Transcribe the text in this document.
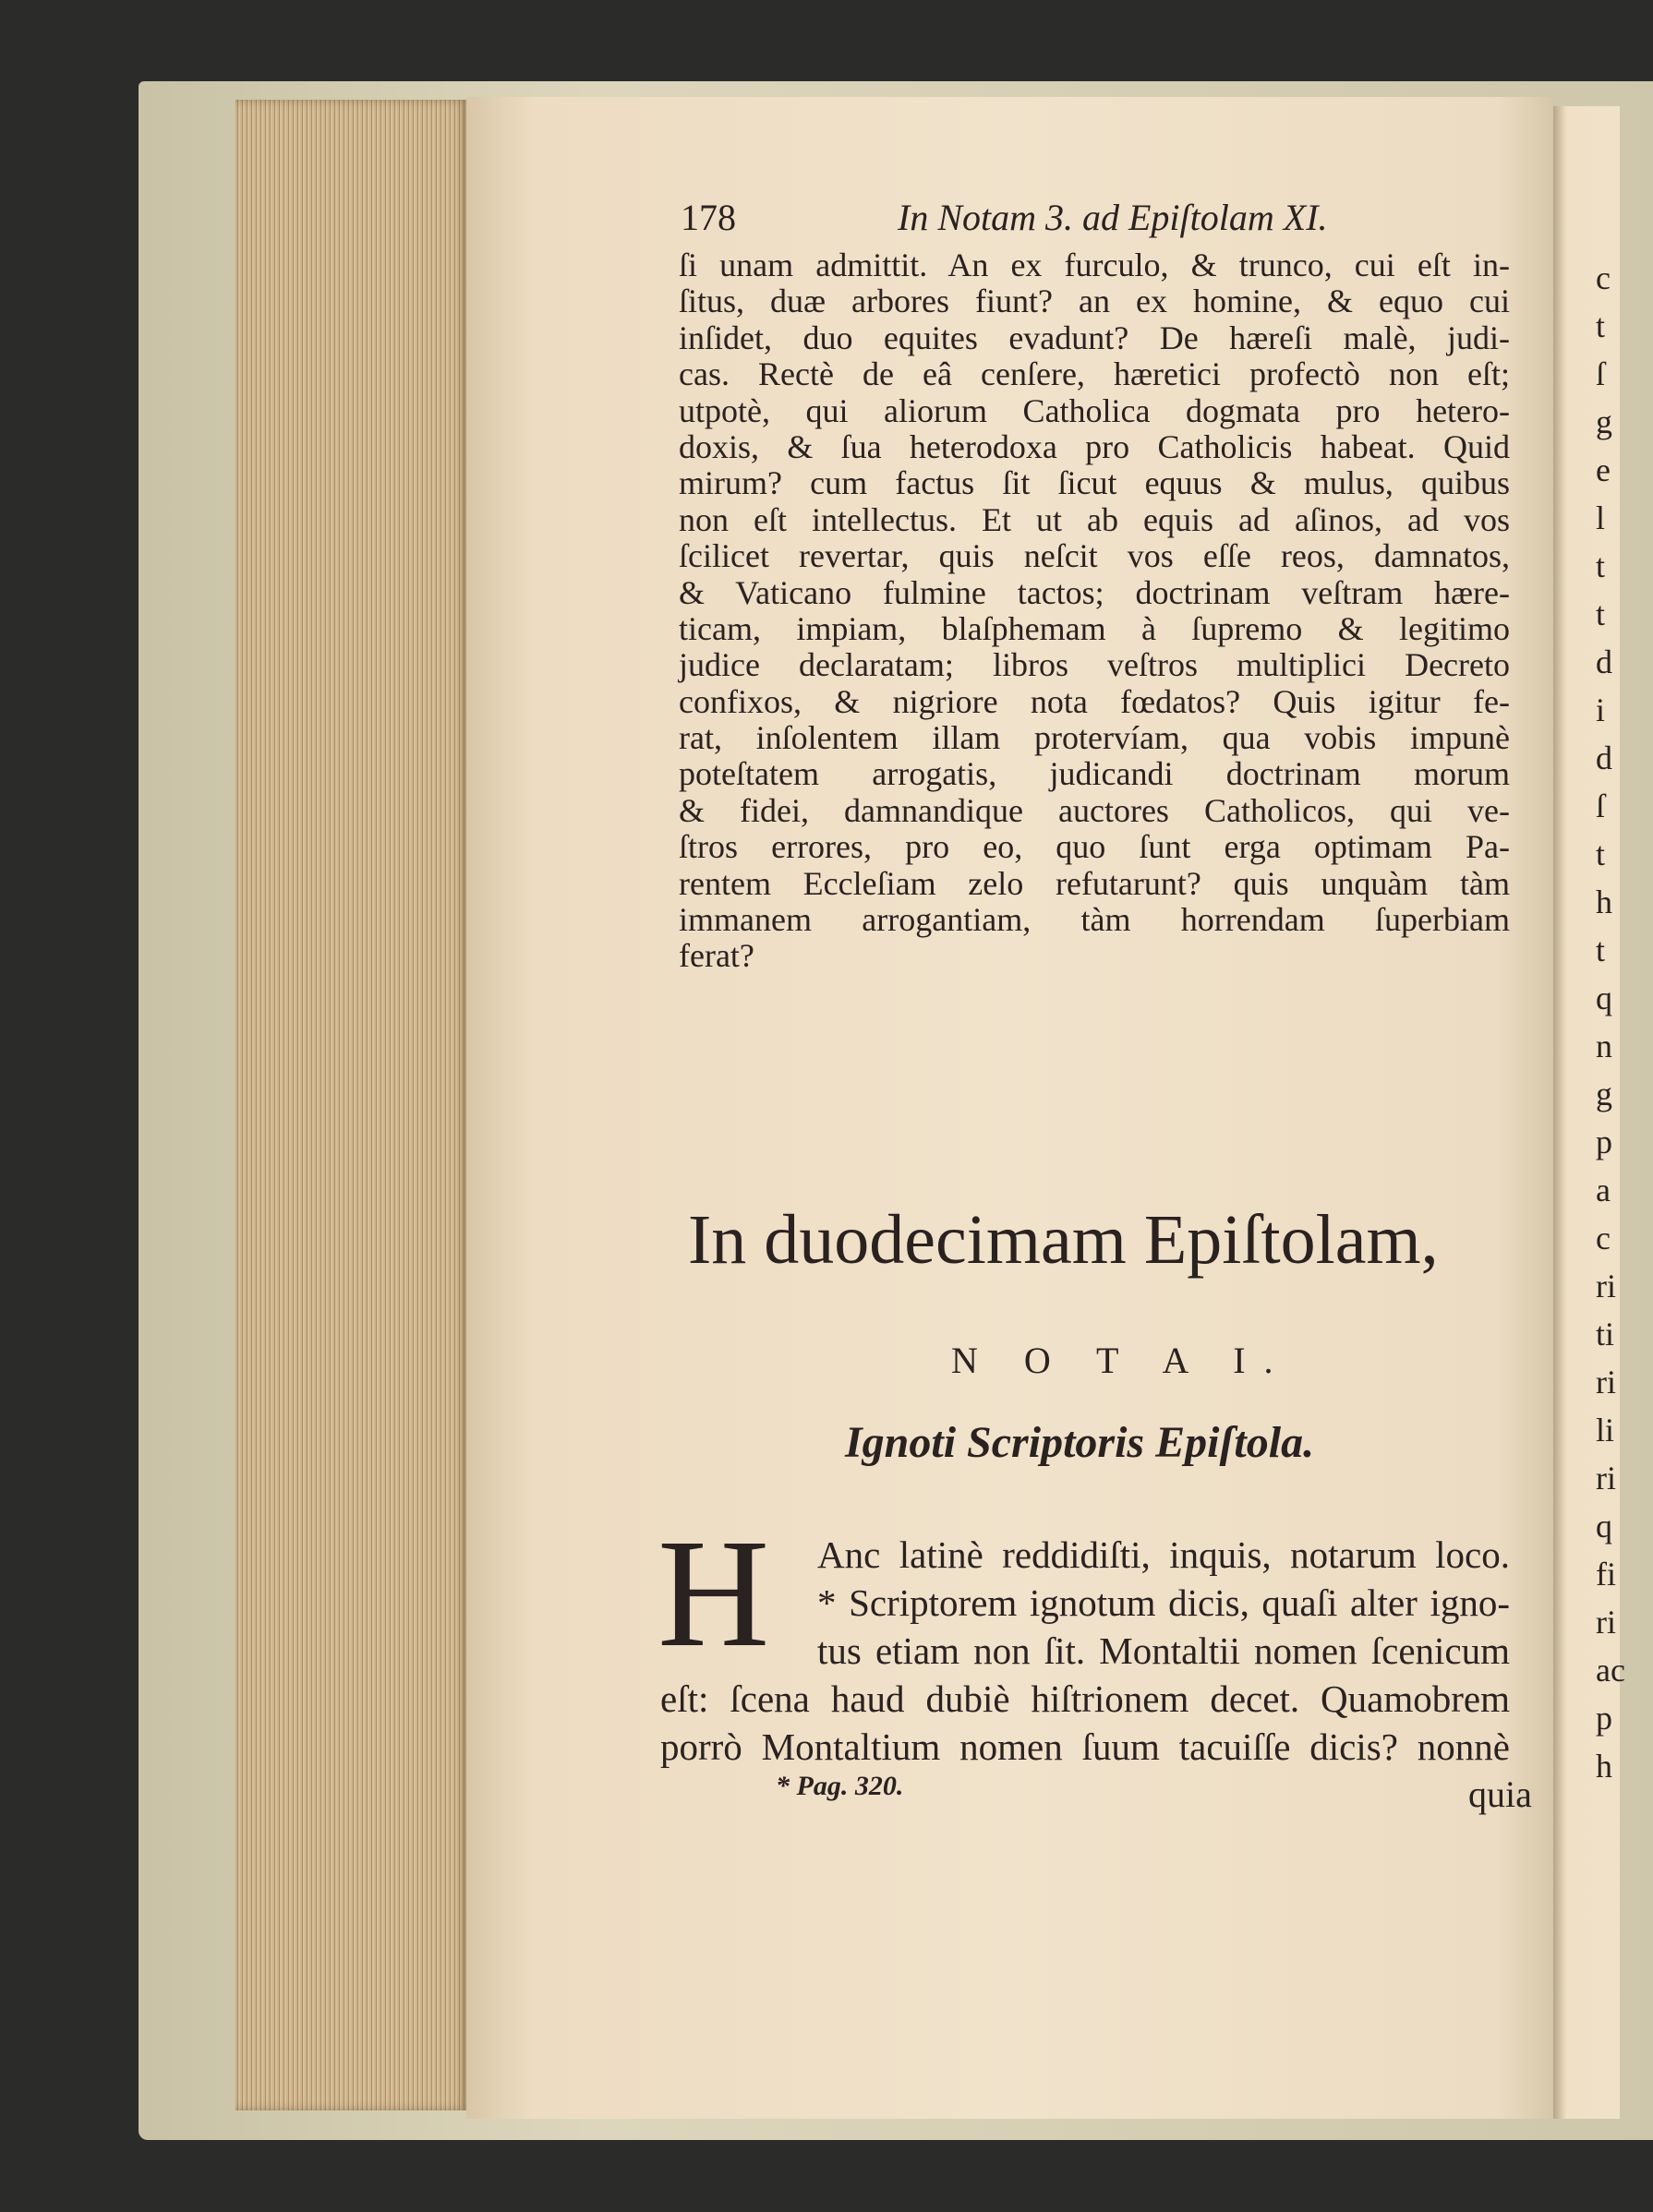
178	In Notam 3. ad Epiſtolam XI.
ſi unam admittit. An ex furculo, & trunco, cui eſt in-
ſitus, duæ arbores fiunt? an ex homine, & equo cui
inſidet, duo equites evadunt? De hæreſi malè, judi-
cas. Rectè de eâ cenſere, hæretici profectò non eſt;
utpotè, qui aliorum Catholica dogmata pro hetero-
doxis, & ſua heterodoxa pro Catholicis habeat. Quid
mirum? cum factus ſit ſicut equus & mulus, quibus
non eſt intellectus. Et ut ab equis ad aſinos, ad vos
ſcilicet revertar, quis neſcit vos eſſe reos, damnatos,
& Vaticano fulmine tactos; doctrinam veſtram hære-
ticam, impiam, blaſphemam à ſupremo & legitimo
judice declaratam; libros veſtros multiplici Decreto
confixos, & nigriore nota fœdatos? Quis igitur fe-
rat, inſolentem illam protervíam, qua vobis impunè
poteſtatem arrogatis, judicandi doctrinam morum
& fidei, damnandique auctores Catholicos, qui ve-
ſtros errores, pro eo, quo ſunt erga optimam Pa-
rentem Eccleſiam zelo refutarunt? quis unquàm tàm
immanem arrogantiam, tàm horrendam ſuperbiam
ferat?
In duodecimam Epiſtolam,
N O T A I.
Ignoti Scriptoris Epiſtola.
H	Anc latinè reddidiſti, inquis, notarum loco.
* Scriptorem ignotum dicis, quaſi alter igno-
tus etiam non ſit. Montaltii nomen ſcenicum
eſt: ſcena haud dubiè hiſtrionem decet. Quamobrem
porrò Montaltium nomen ſuum tacuiſſe dicis? nonnè
* Pag. 320.	quia
c
t
ſ
g
e
l
t
t
d
i
d
ſ
t
h
t
q
n
g
p
a
c
ri
ti
ri
li
ri
q
fi
ri
ac
p
h
